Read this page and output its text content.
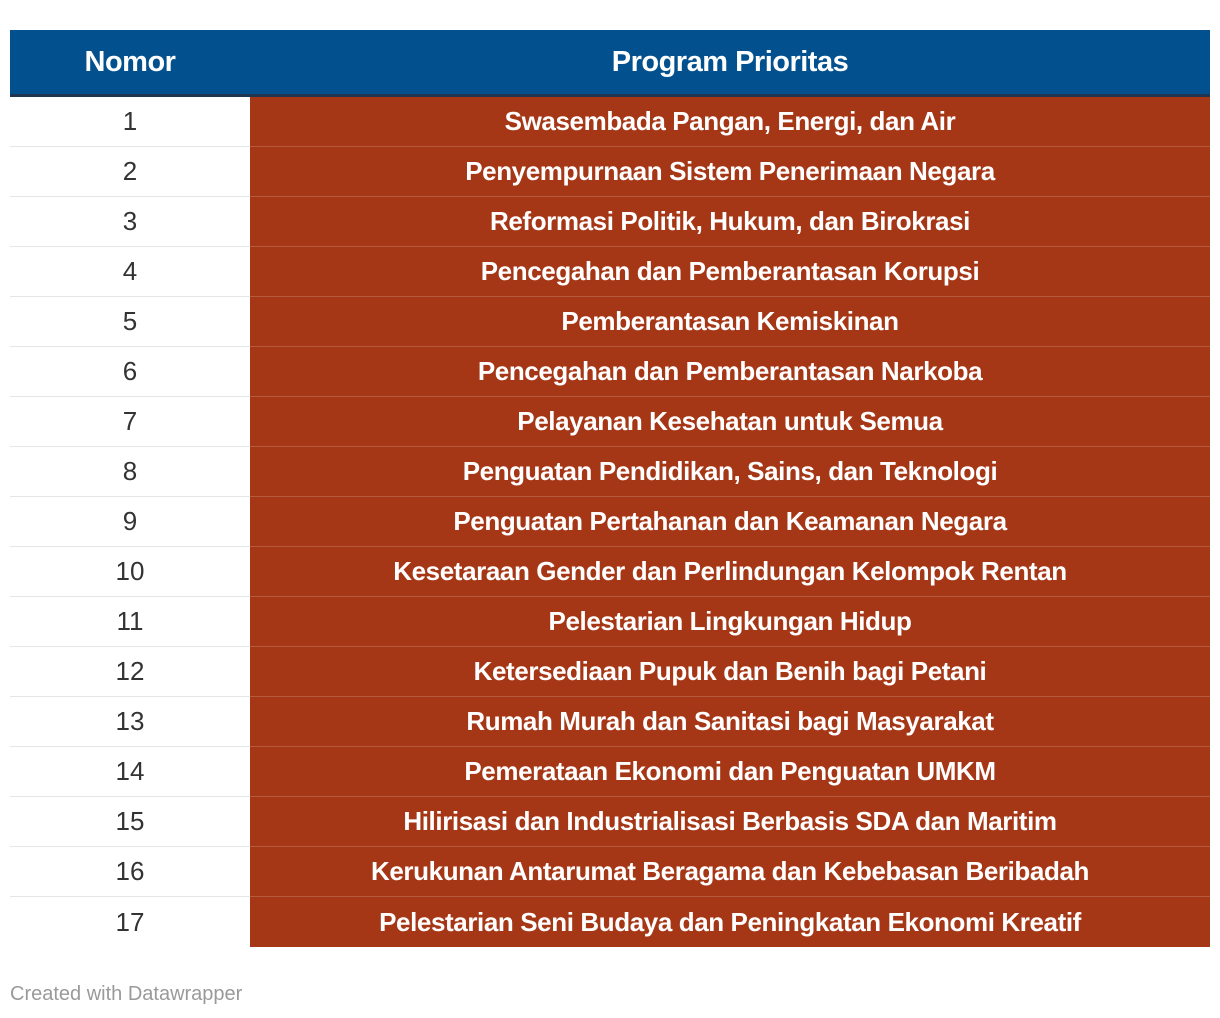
Nomor	Program Prioritas
1	Swasembada Pangan, Energi, dan Air
2	Penyempurnaan Sistem Penerimaan Negara
3	Reformasi Politik, Hukum, dan Birokrasi
4	Pencegahan dan Pemberantasan Korupsi
5	Pemberantasan Kemiskinan
6	Pencegahan dan Pemberantasan Narkoba
7	Pelayanan Kesehatan untuk Semua
8	Penguatan Pendidikan, Sains, dan Teknologi
9	Penguatan Pertahanan dan Keamanan Negara
10	Kesetaraan Gender dan Perlindungan Kelompok Rentan
11	Pelestarian Lingkungan Hidup
12	Ketersediaan Pupuk dan Benih bagi Petani
13	Rumah Murah dan Sanitasi bagi Masyarakat
14	Pemerataan Ekonomi dan Penguatan UMKM
15	Hilirisasi dan Industrialisasi Berbasis SDA dan Maritim
16	Kerukunan Antarumat Beragama dan Kebebasan Beribadah
17	Pelestarian Seni Budaya dan Peningkatan Ekonomi Kreatif
Created with Datawrapper
